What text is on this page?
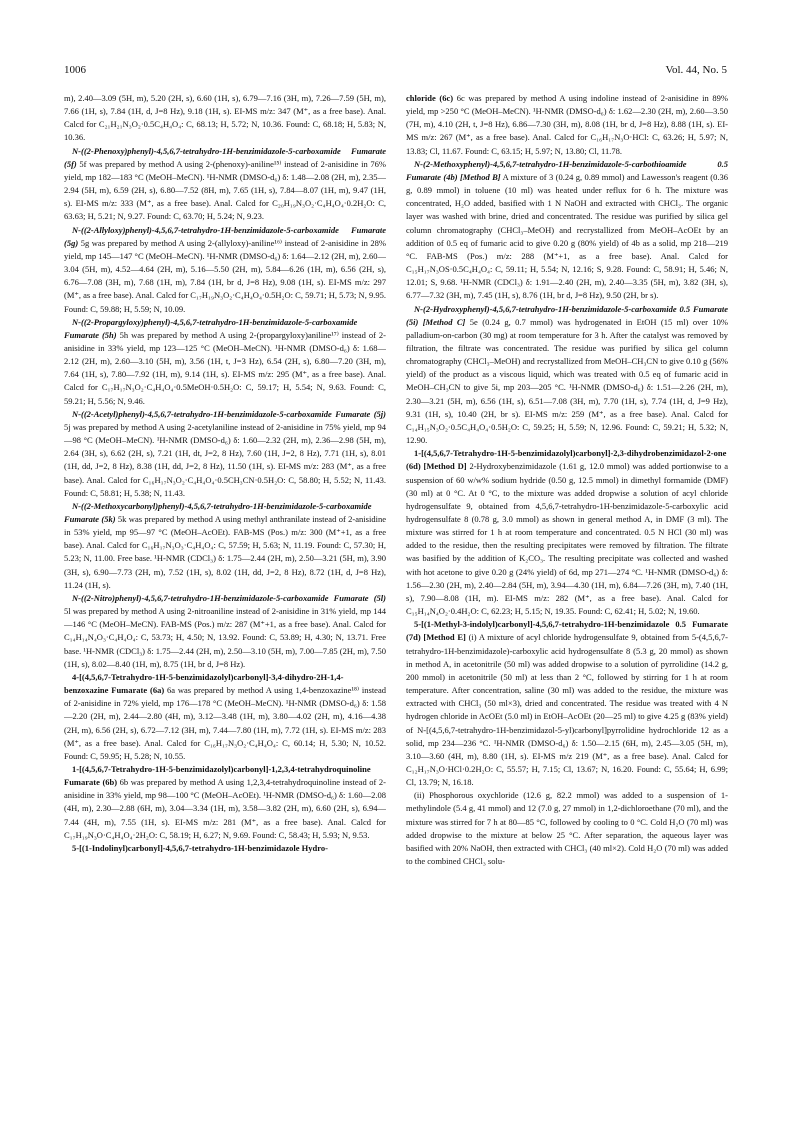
1006	Vol. 44, No. 5

m), 2.40—3.09 (5H, m), 5.20 (2H, s), 6.60 (1H, s), 6.79—7.16 (3H, m), 7.26—7.59 (5H, m), 7.66 (1H, s), 7.84 (1H, d, J=8 Hz), 9.18 (1H, s). EI-MS m/z: 347 (M⁺, as a free base). Anal. Calcd for C₂₁H₂₁N₃O₂·0.5C₄H₄O₄: C, 68.13; H, 5.72; N, 10.36. Found: C, 68.18; H, 5.83; N, 10.36.

N-((2-Phenoxy)phenyl)-4,5,6,7-tetrahydro-1H-benzimidazole-5-carboxamide Fumarate (5f) 5f was prepared by method A using 2-(phenoxy)-aniline¹⁵⁾ instead of 2-anisidine in 76% yield, mp 182—183 °C (MeOH–MeCN). ¹H-NMR (DMSO-d₆) δ: 1.48—2.08 (2H, m), 2.35—2.94 (5H, m), 6.59 (2H, s), 6.80—7.52 (8H, m), 7.65 (1H, s), 7.84—8.07 (1H, m), 9.47 (1H, s). EI-MS m/z: 333 (M⁺, as a free base). Anal. Calcd for C₂₀H₁₉N₃O₂·C₄H₄O₄·0.2H₂O: C, 63.63; H, 5.21; N, 9.27. Found: C, 63.70; H, 5.24; N, 9.23.

N-((2-Allyloxy)phenyl)-4,5,6,7-tetrahydro-1H-benzimidazole-5-carboxamide Fumarate (5g) 5g was prepared by method A using 2-(allyloxy)-aniline¹⁶⁾ instead of 2-anisidine in 28% yield, mp 145—147 °C (MeOH–MeCN). ¹H-NMR (DMSO-d₆) δ: 1.64—2.12 (2H, m), 2.60—3.04 (5H, m), 4.52—4.64 (2H, m), 5.16—5.50 (2H, m), 5.84—6.26 (1H, m), 6.56 (2H, s), 6.76—7.08 (3H, m), 7.68 (1H, m), 7.84 (1H, br d, J=8 Hz), 9.08 (1H, s). EI-MS m/z: 297 (M⁺, as a free base). Anal. Calcd for C₁₇H₁₉N₃O₂·C₄H₄O₄·0.5H₂O: C, 59.71; H, 5.73; N, 9.95. Found: C, 59.88; H, 5.59; N, 10.09.

N-((2-Propargyloxy)phenyl)-4,5,6,7-tetrahydro-1H-benzimidazole-5-carboxamide Fumarate (5h) 5h was prepared by method A using 2-(propargyloxy)aniline¹⁷⁾ instead of 2-anisidine in 33% yield, mp 123—125 °C (MeOH–MeCN). ¹H-NMR (DMSO-d₆) δ: 1.68—2.12 (2H, m), 2.60—3.10 (5H, m), 3.56 (1H, t, J=3 Hz), 6.54 (2H, s), 6.80—7.20 (3H, m), 7.64 (1H, s), 7.80—7.92 (1H, m), 9.14 (1H, s). EI-MS m/z: 295 (M⁺, as a free base). Anal. Calcd for C₁₇H₁₇N₃O₂·C₄H₄O₄·0.5MeOH·0.5H₂O: C, 59.17; H, 5.54; N, 9.63. Found: C, 59.21; H, 5.56; N, 9.46.

N-((2-Acetyl)phenyl)-4,5,6,7-tetrahydro-1H-benzimidazole-5-carboxamide Fumarate (5j) 5j was prepared by method A using 2-acetylaniline instead of 2-anisidine in 75% yield, mp 94—98 °C (MeOH–MeCN). ¹H-NMR (DMSO-d₆) δ: 1.60—2.32 (2H, m), 2.36—2.98 (5H, m), 2.64 (3H, s), 6.62 (2H, s), 7.21 (1H, dt, J=2, 8 Hz), 7.60 (1H, J=2, 8 Hz), 7.71 (1H, s), 8.01 (1H, dd, J=2, 8 Hz), 8.38 (1H, dd, J=2, 8 Hz), 11.50 (1H, s). EI-MS m/z: 283 (M⁺, as a free base). Anal. Calcd for C₁₆H₁₇N₃O₂·C₄H₄O₄·0.5CH₃CN·0.5H₂O: C, 58.80; H, 5.52; N, 11.43. Found: C, 58.81; H, 5.38; N, 11.43.

N-((2-Methoxycarbonyl)phenyl)-4,5,6,7-tetrahydro-1H-benzimidazole-5-carboxamide Fumarate (5k) 5k was prepared by method A using methyl anthranilate instead of 2-anisidine in 53% yield, mp 95—97 °C (MeOH–AcOEt). FAB-MS (Pos.) m/z: 300 (M⁺+1, as a free base). Anal. Calcd for C₁₆H₁₇N₃O₃·C₄H₄O₄: C, 57.59; H, 5.63; N, 11.19. Found: C, 57.30; H, 5.23; N, 11.00. Free base. ¹H-NMR (CDCl₃) δ: 1.75—2.44 (2H, m), 2.50—3.21 (5H, m), 3.90 (3H, s), 6.90—7.73 (2H, m), 7.52 (1H, s), 8.02 (1H, dd, J=2, 8 Hz), 8.72 (1H, d, J=8 Hz), 11.24 (1H, s).

N-((2-Nitro)phenyl)-4,5,6,7-tetrahydro-1H-benzimidazole-5-carboxamide Fumarate (5l) 5l was prepared by method A using 2-nitroaniline instead of 2-anisidine in 31% yield, mp 144—146 °C (MeOH–MeCN). FAB-MS (Pos.) m/z: 287 (M⁺+1, as a free base). Anal. Calcd for C₁₄H₁₄N₄O₃·C₄H₄O₄: C, 53.73; H, 4.50; N, 13.92. Found: C, 53.89; H, 4.30; N, 13.71. Free base. ¹H-NMR (CDCl₃) δ: 1.75—2.44 (2H, m), 2.50—3.10 (5H, m), 7.00—7.85 (2H, m), 7.50 (1H, s), 8.02—8.40 (1H, m), 8.75 (1H, br d, J=8 Hz).

4-[(4,5,6,7-Tetrahydro-1H-5-benzimidazolyl)carbonyl]-3,4-dihydro-2H-1,4-benzoxazine Fumarate (6a) 6a was prepared by method A using 1,4-benzoxazine¹⁸⁾ instead of 2-anisidine in 72% yield, mp 176—178 °C (MeOH–MeCN). ¹H-NMR (DMSO-d₆) δ: 1.58—2.20 (2H, m), 2.44—2.80 (4H, m), 3.12—3.48 (1H, m), 3.80—4.02 (2H, m), 4.16—4.38 (2H, m), 6.56 (2H, s), 6.72—7.12 (3H, m), 7.44—7.80 (1H, m), 7.72 (1H, s). EI-MS m/z: 283 (M⁺, as a free base). Anal. Calcd for C₁₆H₁₇N₃O₂·C₄H₄O₄: C, 60.14; H, 5.30; N, 10.52. Found: C, 59.95; H, 5.28; N, 10.55.

1-[(4,5,6,7-Tetrahydro-1H-5-benzimidazolyl)carbonyl]-1,2,3,4-tetrahydroquinoline Fumarate (6b) 6b was prepared by method A using 1,2,3,4-tetrahydroquinoline instead of 2-anisidine in 33% yield, mp 98—100 °C (MeOH–AcOEt). ¹H-NMR (DMSO-d₆) δ: 1.60—2.08 (4H, m), 2.30—2.88 (6H, m), 3.04—3.34 (1H, m), 3.58—3.82 (2H, m), 6.60 (2H, s), 6.94—7.44 (4H, m), 7.55 (1H, s). EI-MS m/z: 281 (M⁺, as a free base). Anal. Calcd for C₁₇H₁₉N₃O·C₄H₄O₄·2H₂O: C, 58.19; H, 6.27; N, 9.69. Found: C, 58.43; H, 5.93; N, 9.53.

5-[(1-Indolinyl)carbonyl]-4,5,6,7-tetrahydro-1H-benzimidazole Hydro-

chloride (6c) 6c was prepared by method A using indoline instead of 2-anisidine in 89% yield, mp >250 °C (MeOH–MeCN). ¹H-NMR (DMSO-d₆) δ: 1.62—2.30 (2H, m), 2.60—3.50 (7H, m), 4.10 (2H, t, J=8 Hz), 6.86—7.30 (3H, m), 8.08 (1H, br d, J=8 Hz), 8.88 (1H, s). EI-MS m/z: 267 (M⁺, as a free base). Anal. Calcd for C₁₆H₁₇N₃O·HCl: C, 63.26; H, 5.97; N, 13.83; Cl, 11.67. Found: C, 63.15; H, 5.97; N, 13.80; Cl, 11.78.

N-(2-Methoxyphenyl)-4,5,6,7-tetrahydro-1H-benzimidazole-5-carbothioamide 0.5 Fumarate (4b) [Method B] A mixture of 3 (0.24 g, 0.89 mmol) and Lawesson's reagent (0.36 g, 0.89 mmol) in toluene (10 ml) was heated under reflux for 6 h. The mixture was concentrated, H₂O added, basified with 1 N NaOH and extracted with CHCl₃. The organic layer was washed with brine, dried and concentrated. The residue was purified by silica gel column chromatography (CHCl₃–MeOH) and recrystallized from MeOH–AcOEt by an addition of 0.5 eq of fumaric acid to give 0.20 g (80% yield) of 4b as a solid, mp 218—219 °C. FAB-MS (Pos.) m/z: 288 (M⁺+1, as a free base). Anal. Calcd for C₁₅H₁₇N₃OS·0.5C₄H₄O₄: C, 59.11; H, 5.54; N, 12.16; S, 9.28. Found: C, 58.91; H, 5.46; N, 12.01; S, 9.68. ¹H-NMR (CDCl₃) δ: 1.91—2.40 (2H, m), 2.40—3.35 (5H, m), 3.82 (3H, s), 6.77—7.32 (3H, m), 7.45 (1H, s), 8.76 (1H, br d, J=8 Hz), 9.50 (2H, br s).

N-(2-Hydroxyphenyl)-4,5,6,7-tetrahydro-1H-benzimidazole-5-carboxamide 0.5 Fumarate (5i) [Method C] 5e (0.24 g, 0.7 mmol) was hydrogenated in EtOH (15 ml) over 10% palladium-on-carbon (30 mg) at room temperature for 3 h. After the catalyst was removed by filtration, the filtrate was concentrated. The residue was purified by silica gel column chromatography (CHCl₃–MeOH) and recrystallized from MeOH–CH₃CN to give 0.10 g (56% yield) of the product as a viscous liquid, which was treated with 0.5 eq of fumaric acid in MeOH–CH₃CN to give 5i, mp 203—205 °C. ¹H-NMR (DMSO-d₆) δ: 1.51—2.26 (2H, m), 2.30—3.21 (5H, m), 6.56 (1H, s), 6.51—7.08 (3H, m), 7.70 (1H, s), 7.74 (1H, d, J=9 Hz), 9.31 (1H, s), 10.40 (2H, br s). EI-MS m/z: 259 (M⁺, as a free base). Anal. Calcd for C₁₄H₁₅N₃O₂·0.5C₄H₄O₄·0.5H₂O: C, 59.25; H, 5.59; N, 12.96. Found: C, 59.21; H, 5.32; N, 12.90.

1-[(4,5,6,7-Tetrahydro-1H-5-benzimidazolyl)carbonyl]-2,3-dihydrobenzimidazol-2-one (6d) [Method D] 2-Hydroxybenzimidazole (1.61 g, 12.0 mmol) was added portionwise to a suspension of 60 w/w% sodium hydride (0.50 g, 12.5 mmol) in dimethyl formamide (DMF) (30 ml) at 0 °C. At 0 °C, to the mixture was added dropwise a solution of acyl chloride hydrogensulfate 9, obtained from 4,5,6,7-tetrahydro-1H-benzimidazole-5-carboxylic acid hydrogensulfate 8 (0.78 g, 3.0 mmol) as shown in general method A, in DMF (3 ml). The mixture was stirred for 1 h at room temperature and concentrated. 0.5 N HCl (30 ml) was added to the residue, then the resulting precipitates were removed by filtration. The filtrate was basified by the addition of K₂CO₃. The resulting precipitate was collected and washed with hot acetone to give 0.20 g (24% yield) of 6d, mp 271—274 °C. ¹H-NMR (DMSO-d₆) δ: 1.56—2.30 (2H, m), 2.40—2.84 (5H, m), 3.94—4.30 (1H, m), 6.84—7.26 (3H, m), 7.40 (1H, s), 7.90—8.08 (1H, m). EI-MS m/z: 282 (M⁺, as a free base). Anal. Calcd for C₁₅H₁₄N₄O₂·0.4H₂O: C, 62.23; H, 5.15; N, 19.35. Found: C, 62.41; H, 5.02; N, 19.60.

5-[(1-Methyl-3-indolyl)carbonyl]-4,5,6,7-tetrahydro-1H-benzimidazole 0.5 Fumarate (7d) [Method E] (i) A mixture of acyl chloride hydrogensulfate 9, obtained from 5-(4,5,6,7-tetrahydro-1H-benzimidazole)-carboxylic acid hydrogensulfate 8 (5.3 g, 20 mmol) as shown in method A, in acetonitrile (50 ml) was added dropwise to a solution of pyrrolidine (14.2 g, 200 mmol) in acetonitrile (50 ml) at less than 2 °C, followed by stirring for 1 h at room temperature. After concentration, saline (30 ml) was added to the residue, the mixture was extracted with CHCl₃ (50 ml×3), dried and concentrated. The residue was treated with 4 N hydrogen chloride in AcOEt (5.0 ml) in EtOH–AcOEt (20—25 ml) to give 4.25 g (83% yield) of N-[(4,5,6,7-tetrahydro-1H-benzimidazol-5-yl)carbonyl]pyrrolidine hydrochloride 12 as a solid, mp 234—236 °C. ¹H-NMR (DMSO-d₆) δ: 1.50—2.15 (6H, m), 2.45—3.05 (5H, m), 3.10—3.60 (4H, m), 8.80 (1H, s). EI-MS m/z 219 (M⁺, as a free base). Anal. Calcd for C₁₂H₁₇N₃O·HCl·0.2H₂O: C, 55.57; H, 7.15; Cl, 13.67; N, 16.20. Found: C, 55.64; H, 6.99; Cl, 13.79; N, 16.18.

(ii) Phosphorous oxychloride (12.6 g, 82.2 mmol) was added to a suspension of 1-methylindole (5.4 g, 41 mmol) and 12 (7.0 g, 27 mmol) in 1,2-dichloroethane (70 ml), and the mixture was stirred for 7 h at 80—85 °C, followed by cooling to 0 °C. Cold H₂O (70 ml) was added dropwise to the mixture at below 25 °C. After separation, the aqueous layer was basified with 20% NaOH, then extracted with CHCl₃ (40 ml×2). Cold H₂O (70 ml) was added to the combined CHCl₃ solu-
